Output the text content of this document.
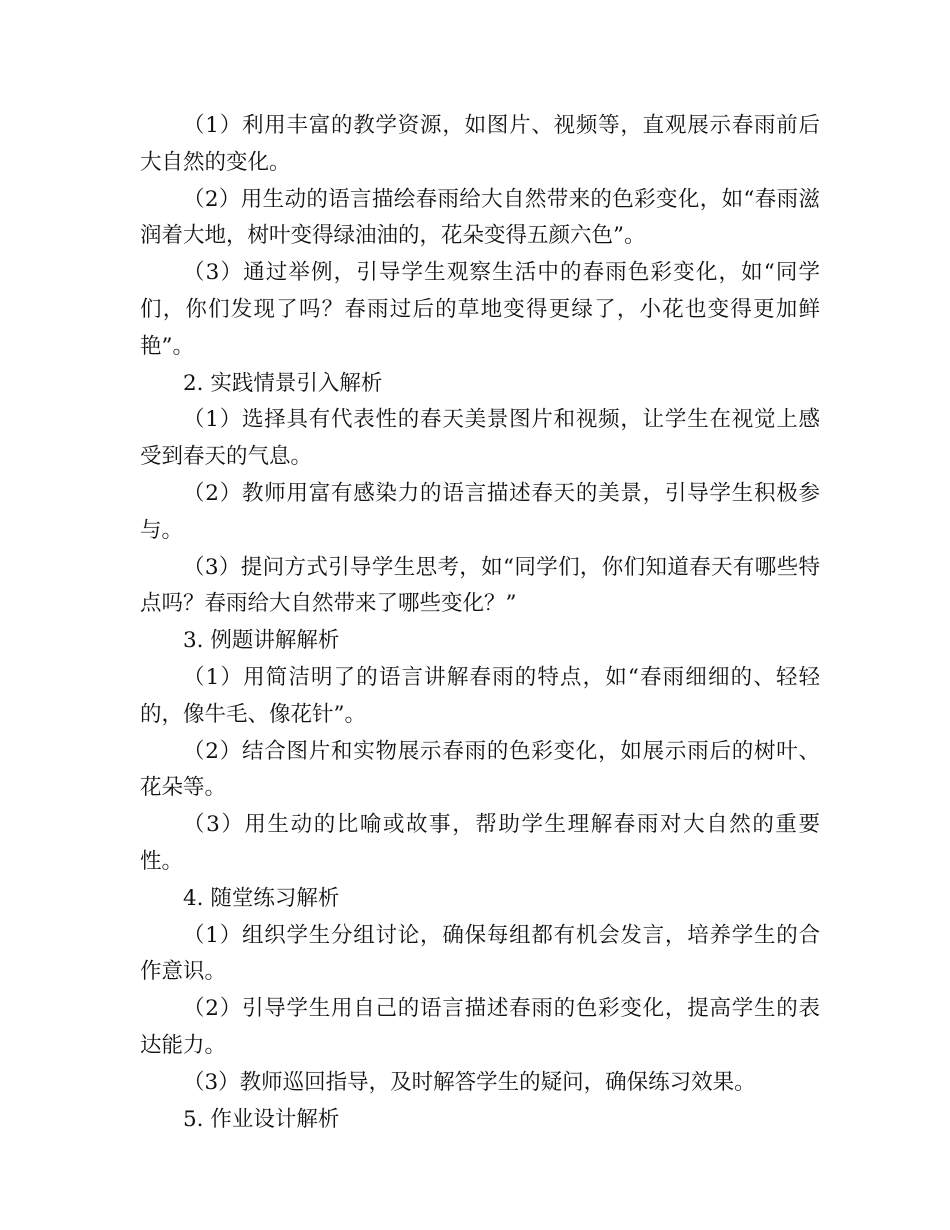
（1）利用丰富的教学资源，如图片、视频等，直观展示春雨前后大自然的变化。

（2）用生动的语言描绘春雨给大自然带来的色彩变化，如“春雨滋润着大地，树叶变得绿油油的，花朵变得五颜六色”。

（3）通过举例，引导学生观察生活中的春雨色彩变化，如“同学们，你们发现了吗？春雨过后的草地变得更绿了，小花也变得更加鲜艳”。

2. 实践情景引入解析

（1）选择具有代表性的春天美景图片和视频，让学生在视觉上感受到春天的气息。

（2）教师用富有感染力的语言描述春天的美景，引导学生积极参与。

（3）提问方式引导学生思考，如“同学们，你们知道春天有哪些特点吗？春雨给大自然带来了哪些变化？”

3. 例题讲解解析

（1）用简洁明了的语言讲解春雨的特点，如“春雨细细的、轻轻的，像牛毛、像花针”。

（2）结合图片和实物展示春雨的色彩变化，如展示雨后的树叶、花朵等。

（3）用生动的比喻或故事，帮助学生理解春雨对大自然的重要性。

4. 随堂练习解析

（1）组织学生分组讨论，确保每组都有机会发言，培养学生的合作意识。

（2）引导学生用自己的语言描述春雨的色彩变化，提高学生的表达能力。

（3）教师巡回指导，及时解答学生的疑问，确保练习效果。

5. 作业设计解析
